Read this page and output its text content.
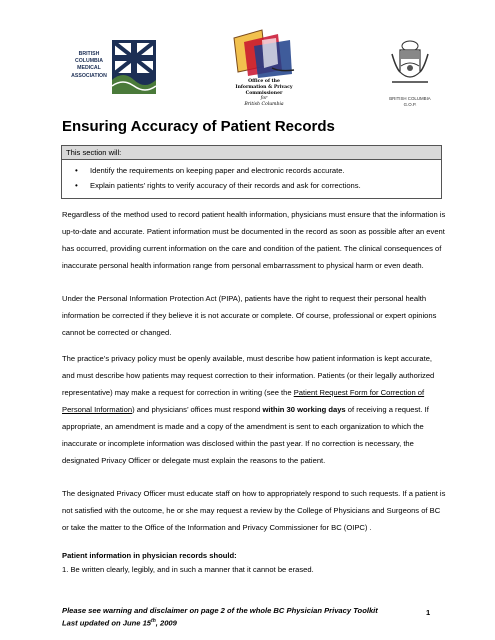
BRITISH
COLUMBIA
MEDICAL
ASSOCIATION
Office of the
Information & Privacy
Commissioner
for
British Columbia
BRITISH COLUMBIA
G.O.P.
Ensuring Accuracy of Patient Records
This section will:
• Identify the requirements on keeping paper and electronic records accurate.
• Explain patients’ rights to verify accuracy of their records and ask for corrections.
Regardless of the method used to record patient health information, physicians must ensure that the information is up-to-date and accurate. Patient information must be documented in the record as soon as possible after an event has occurred, providing current information on the care and condition of the patient. The clinical consequences of inaccurate personal health information range from personal embarrassment to physical harm or even death.
Under the Personal Information Protection Act (PIPA), patients have the right to request their personal health information be corrected if they believe it is not accurate or complete. Of course, professional or expert opinions cannot be corrected or changed.
The practice’s privacy policy must be openly available, must describe how patient information is kept accurate, and must describe how patients may request correction to their information. Patients (or their legally authorized representative) may make a request for correction in writing (see the Patient Request Form for Correction of Personal Information) and physicians’ offices must respond within 30 working days of receiving a request. If appropriate, an amendment is made and a copy of the amendment is sent to each organization to which the inaccurate or incomplete information was disclosed within the past year. If no correction is necessary, the designated Privacy Officer or delegate must explain the reasons to the patient.
The designated Privacy Officer must educate staff on how to appropriately respond to such requests. If a patient is not satisfied with the outcome, he or she may request a review by the College of Physicians and Surgeons of BC or take the matter to the Office of the Information and Privacy Commissioner for BC (OIPC) .
Patient information in physician records should:
1. Be written clearly, legibly, and in such a manner that it cannot be erased.
Please see warning and disclaimer on page 2 of the whole BC Physician Privacy Toolkit
Last updated on June 15th, 2009
1
